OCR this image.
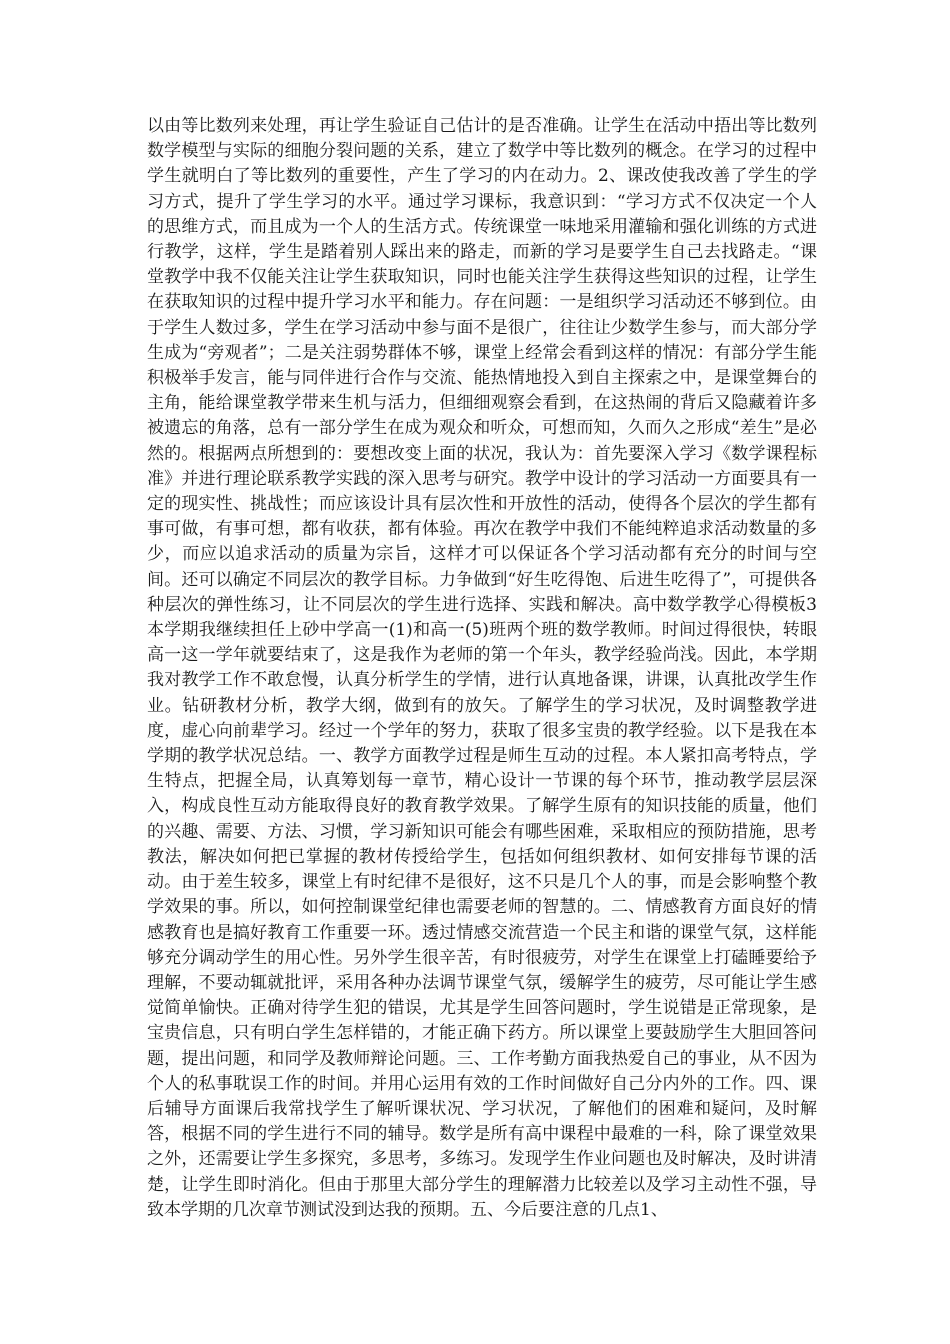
以由等比数列来处理，再让学生验证自己估计的是否准确。让学生在活动中捂出等比数列数学模型与实际的细胞分裂问题的关系，建立了数学中等比数列的概念。在学习的过程中学生就明白了等比数列的重要性，产生了学习的内在动力。2、课改使我改善了学生的学习方式，提升了学生学习的水平。通过学习课标，我意识到：“学习方式不仅决定一个人的思维方式，而且成为一个人的生活方式。传统课堂一味地采用灌输和强化训练的方式进行教学，这样，学生是踏着别人踩出来的路走，而新的学习是要学生自己去找路走。“课堂教学中我不仅能关注让学生获取知识，同时也能关注学生获得这些知识的过程，让学生在获取知识的过程中提升学习水平和能力。存在问题：一是组织学习活动还不够到位。由于学生人数过多，学生在学习活动中参与面不是很广，往往让少数学生参与，而大部分学生成为“旁观者”；二是关注弱势群体不够，课堂上经常会看到这样的情况：有部分学生能积极举手发言，能与同伴进行合作与交流、能热情地投入到自主探索之中，是课堂舞台的主角，能给课堂教学带来生机与活力，但细细观察会看到，在这热闹的背后又隐藏着许多被遗忘的角落，总有一部分学生在成为观众和听众，可想而知，久而久之形成“差生”是必然的。根据两点所想到的：要想改变上面的状况，我认为：首先要深入学习《数学课程标准》并进行理论联系教学实践的深入思考与研究。教学中设计的学习活动一方面要具有一定的现实性、挑战性；而应该设计具有层次性和开放性的活动，使得各个层次的学生都有事可做，有事可想，都有收获，都有体验。再次在教学中我们不能纯粹追求活动数量的多少，而应以追求活动的质量为宗旨，这样才可以保证各个学习活动都有充分的时间与空间。还可以确定不同层次的教学目标。力争做到“好生吃得饱、后进生吃得了”，可提供各种层次的弹性练习，让不同层次的学生进行选择、实践和解决。高中数学教学心得模板3本学期我继续担任上砂中学高一(1)和高一(5)班两个班的数学教师。时间过得很快，转眼高一这一学年就要结束了，这是我作为老师的第一个年头，教学经验尚浅。因此，本学期我对教学工作不敢怠慢，认真分析学生的学情，进行认真地备课，讲课，认真批改学生作业。钻研教材分析，教学大纲，做到有的放矢。了解学生的学习状况，及时调整教学进度，虚心向前辈学习。经过一个学年的努力，获取了很多宝贵的教学经验。以下是我在本学期的教学状况总结。一、教学方面教学过程是师生互动的过程。本人紧扣高考特点，学生特点，把握全局，认真筹划每一章节，精心设计一节课的每个环节，推动教学层层深入，构成良性互动方能取得良好的教育教学效果。了解学生原有的知识技能的质量，他们的兴趣、需要、方法、习惯，学习新知识可能会有哪些困难，采取相应的预防措施，思考教法，解决如何把已掌握的教材传授给学生，包括如何组织教材、如何安排每节课的活动。由于差生较多，课堂上有时纪律不是很好，这不只是几个人的事，而是会影响整个教学效果的事。所以，如何控制课堂纪律也需要老师的智慧的。二、情感教育方面良好的情感教育也是搞好教育工作重要一环。透过情感交流营造一个民主和谐的课堂气氛，这样能够充分调动学生的用心性。另外学生很辛苦，有时很疲劳，对学生在课堂上打磕睡要给予理解，不要动辄就批评，采用各种办法调节课堂气氛，缓解学生的疲劳，尽可能让学生感觉简单愉快。正确对待学生犯的错误，尤其是学生回答问题时，学生说错是正常现象，是宝贵信息，只有明白学生怎样错的，才能正确下药方。所以课堂上要鼓励学生大胆回答问题，提出问题，和同学及教师辩论问题。三、工作考勤方面我热爱自己的事业，从不因为个人的私事耽误工作的时间。并用心运用有效的工作时间做好自己分内外的工作。四、课后辅导方面课后我常找学生了解听课状况、学习状况，了解他们的困难和疑问，及时解答，根据不同的学生进行不同的辅导。数学是所有高中课程中最难的一科，除了课堂效果之外，还需要让学生多探究，多思考，多练习。发现学生作业问题也及时解决，及时讲清楚，让学生即时消化。但由于那里大部分学生的理解潜力比较差以及学习主动性不强，导致本学期的几次章节测试没到达我的预期。五、今后要注意的几点1、
